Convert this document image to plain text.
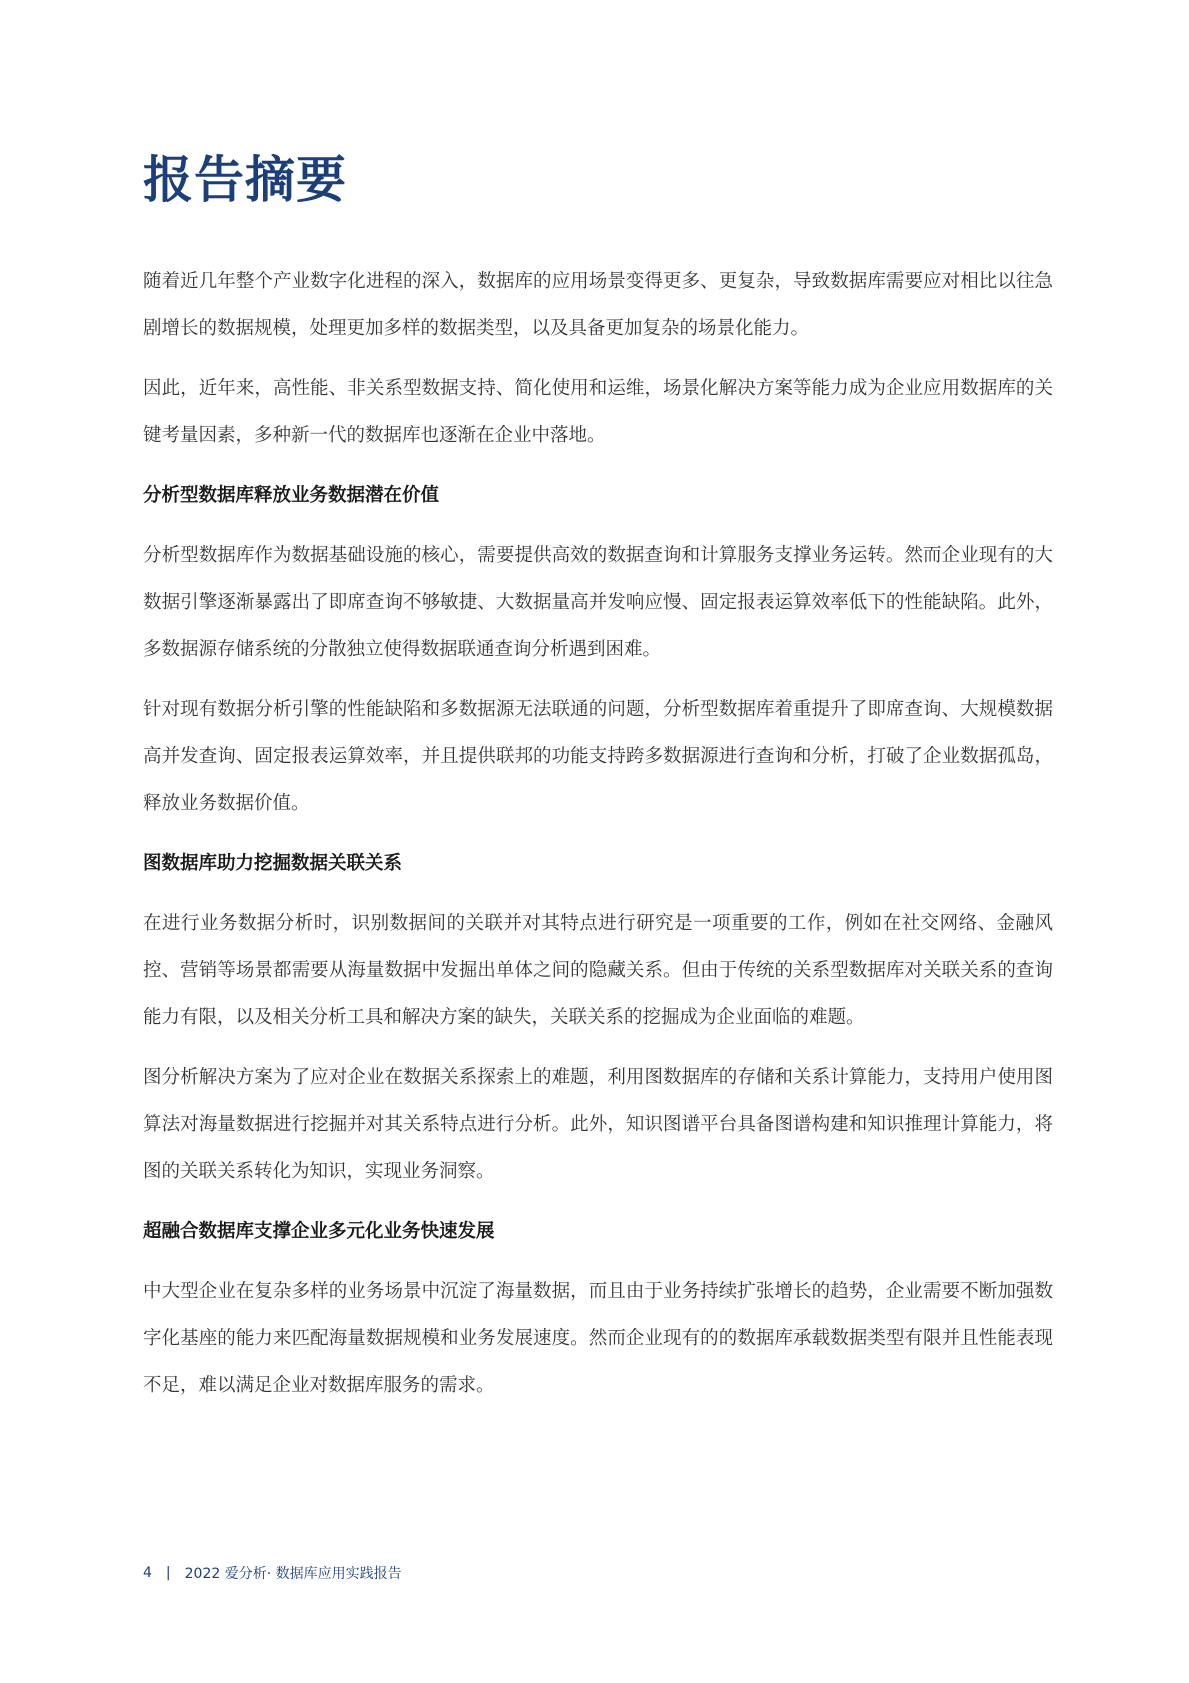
报告摘要

随着近几年整个产业数字化进程的深入，数据库的应用场景变得更多、更复杂，导致数据库需要应对相比以往急剧增长的数据规模，处理更加多样的数据类型，以及具备更加复杂的场景化能力。

因此，近年来，高性能、非关系型数据支持、简化使用和运维，场景化解决方案等能力成为企业应用数据库的关键考量因素，多种新一代的数据库也逐渐在企业中落地。

分析型数据库释放业务数据潜在价值

分析型数据库作为数据基础设施的核心，需要提供高效的数据查询和计算服务支撑业务运转。然而企业现有的大数据引擎逐渐暴露出了即席查询不够敏捷、大数据量高并发响应慢、固定报表运算效率低下的性能缺陷。此外，多数据源存储系统的分散独立使得数据联通查询分析遇到困难。

针对现有数据分析引擎的性能缺陷和多数据源无法联通的问题，分析型数据库着重提升了即席查询、大规模数据高并发查询、固定报表运算效率，并且提供联邦的功能支持跨多数据源进行查询和分析，打破了企业数据孤岛，释放业务数据价值。

图数据库助力挖掘数据关联关系

在进行业务数据分析时，识别数据间的关联并对其特点进行研究是一项重要的工作，例如在社交网络、金融风控、营销等场景都需要从海量数据中发掘出单体之间的隐藏关系。但由于传统的关系型数据库对关联关系的查询能力有限，以及相关分析工具和解决方案的缺失，关联关系的挖掘成为企业面临的难题。

图分析解决方案为了应对企业在数据关系探索上的难题，利用图数据库的存储和关系计算能力，支持用户使用图算法对海量数据进行挖掘并对其关系特点进行分析。此外，知识图谱平台具备图谱构建和知识推理计算能力，将图的关联关系转化为知识，实现业务洞察。

超融合数据库支撑企业多元化业务快速发展

中大型企业在复杂多样的业务场景中沉淀了海量数据，而且由于业务持续扩张增长的趋势，企业需要不断加强数字化基座的能力来匹配海量数据规模和业务发展速度。然而企业现有的的数据库承载数据类型有限并且性能表现不足，难以满足企业对数据库服务的需求。

4 | 2022 爱分析· 数据库应用实践报告
